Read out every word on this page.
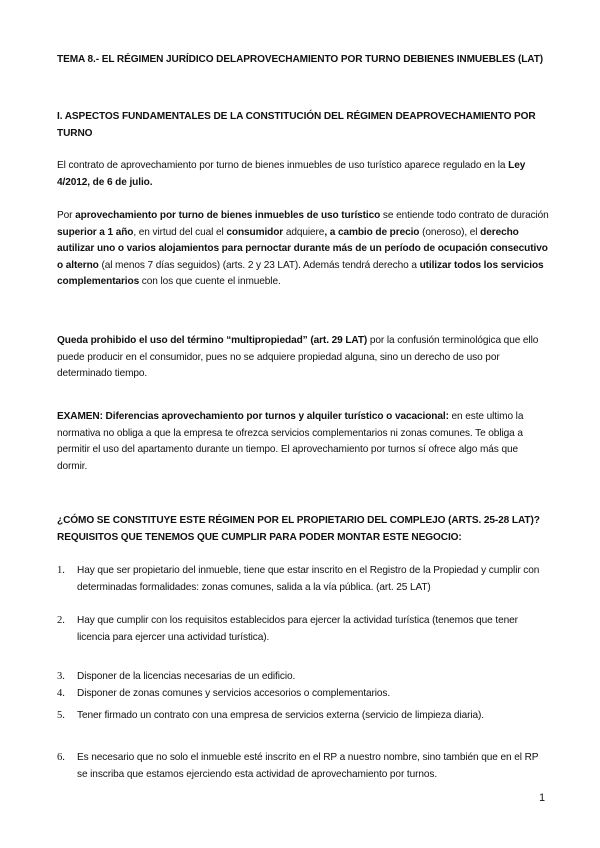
TEMA 8.- EL RÉGIMEN JURÍDICO DELAPROVECHAMIENTO POR TURNO DEBIENES INMUEBLES (LAT)

I. ASPECTOS FUNDAMENTALES DE LA CONSTITUCIÓN DEL RÉGIMEN DEAPROVECHAMIENTO POR TURNO

El contrato de aprovechamiento por turno de bienes inmuebles de uso turístico aparece regulado en la Ley 4/2012, de 6 de julio.

Por aprovechamiento por turno de bienes inmuebles de uso turístico se entiende todo contrato de duración superior a 1 año, en virtud del cual el consumidor adquiere, a cambio de precio (oneroso), el derecho autilizar uno o varios alojamientos para pernoctar durante más de un período de ocupación consecutivo o alterno (al menos 7 días seguidos) (arts. 2 y 23 LAT). Además tendrá derecho a utilizar todos los servicios complementarios con los que cuente el inmueble.

Queda prohibido el uso del término “multipropiedad” (art. 29 LAT) por la confusión terminológica que ello puede producir en el consumidor, pues no se adquiere propiedad alguna, sino un derecho de uso por determinado tiempo.

EXAMEN: Diferencias aprovechamiento por turnos y alquiler turístico o vacacional: en este ultimo la normativa no obliga a que la empresa te ofrezca servicios complementarios ni zonas comunes. Te obliga a permitir el uso del apartamento durante un tiempo. El aprovechamiento por turnos sí ofrece algo más que dormir.

¿CÓMO SE CONSTITUYE ESTE RÉGIMEN POR EL PROPIETARIO DEL COMPLEJO (ARTS. 25-28 LAT)? REQUISITOS QUE TENEMOS QUE CUMPLIR PARA PODER MONTAR ESTE NEGOCIO:

1.	Hay que ser propietario del inmueble, tiene que estar inscrito en el Registro de la Propiedad y cumplir con determinadas formalidades: zonas comunes, salida a la vía pública. (art. 25 LAT)
2.	Hay que cumplir con los requisitos establecidos para ejercer la actividad turística (tenemos que tener licencia para ejercer una actividad turística).
3.	Disponer de la licencias necesarias de un edificio.
4.	Disponer de zonas comunes y servicios accesorios o complementarios.
5.	Tener firmado un contrato con una empresa de servicios externa (servicio de limpieza diaria).
6.	Es necesario que no solo el inmueble esté inscrito en el RP a nuestro nombre, sino también que en el RP se inscriba que estamos ejerciendo esta actividad de aprovechamiento por turnos.
1
